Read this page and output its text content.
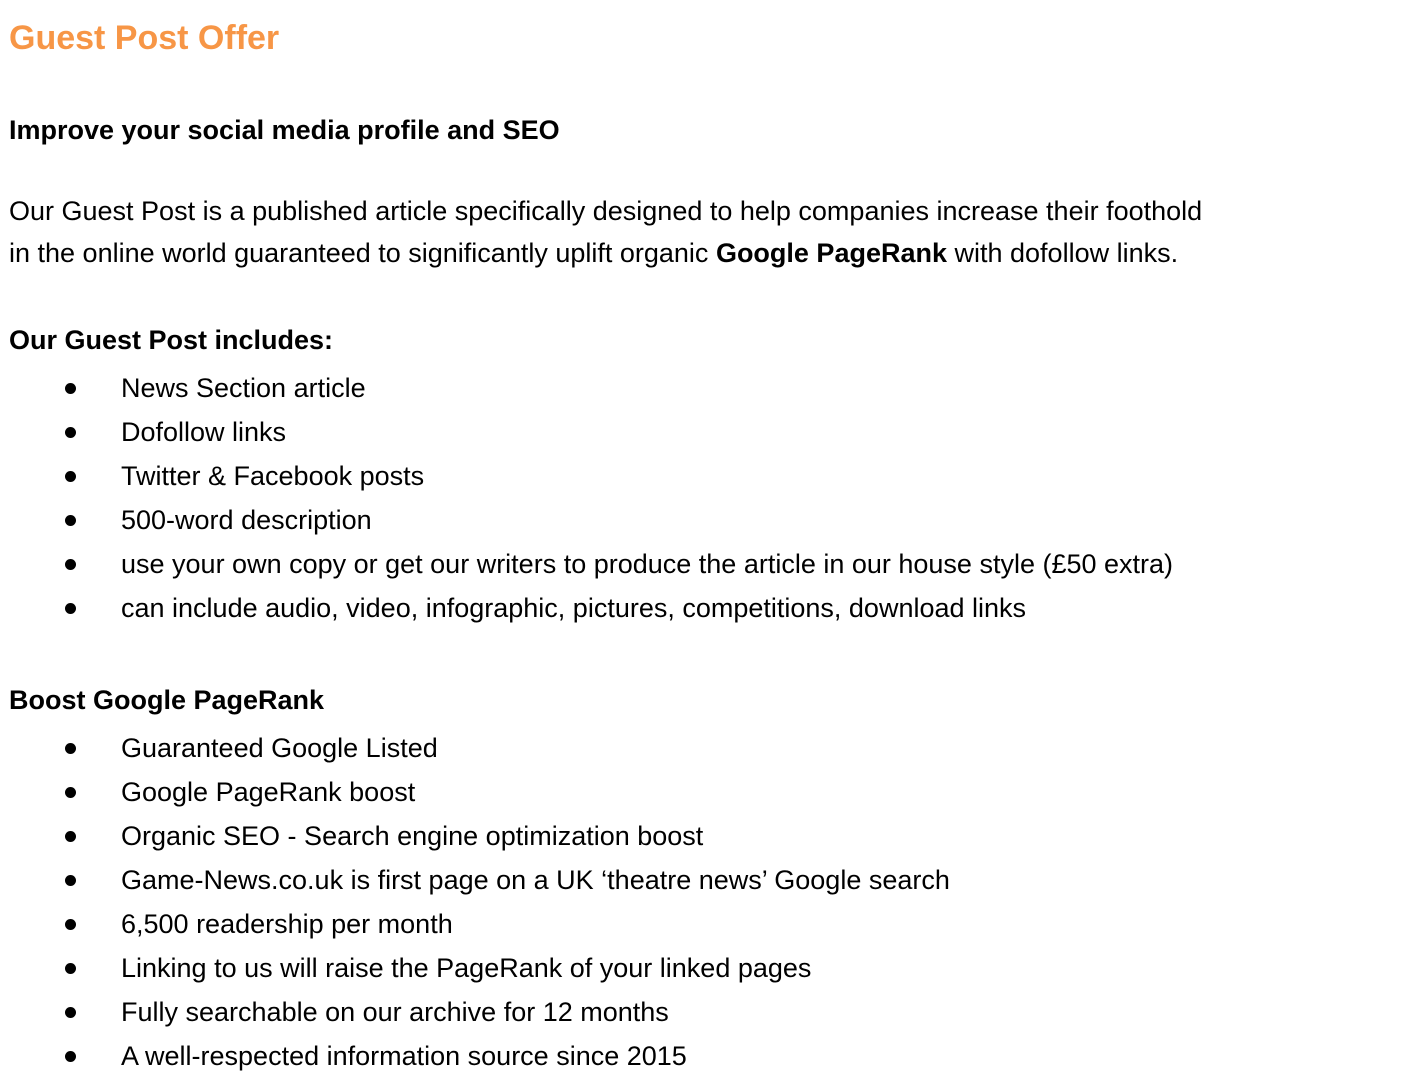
Guest Post Offer

Improve your social media profile and SEO

Our Guest Post is a published article specifically designed to help companies increase their foothold
in the online world guaranteed to significantly uplift organic Google PageRank with dofollow links.

Our Guest Post includes:

News Section article
Dofollow links
Twitter & Facebook posts
500-word description
use your own copy or get our writers to produce the article in our house style (£50 extra)
can include audio, video, infographic, pictures, competitions, download links

Boost Google PageRank

Guaranteed Google Listed
Google PageRank boost
Organic SEO - Search engine optimization boost
Game-News.co.uk is first page on a UK ‘theatre news’ Google search
6,500 readership per month
Linking to us will raise the PageRank of your linked pages
Fully searchable on our archive for 12 months
A well-respected information source since 2015
